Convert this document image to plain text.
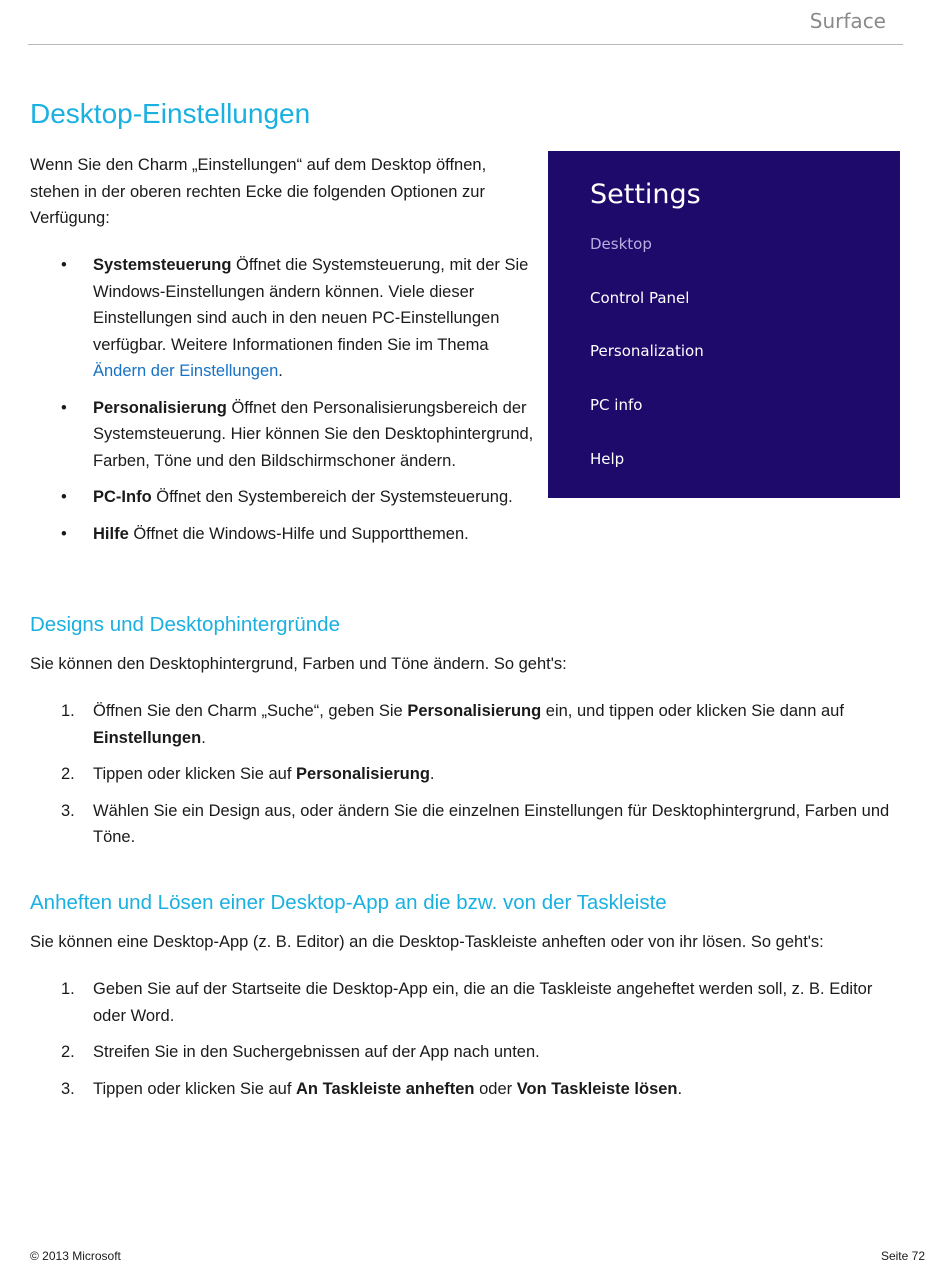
Surface
Desktop-Einstellungen

Wenn Sie den Charm „Einstellungen“ auf dem Desktop öffnen, stehen in der oberen rechten Ecke die folgenden Optionen zur Verfügung:

• Systemsteuerung Öffnet die Systemsteuerung, mit der Sie Windows-Einstellungen ändern können. Viele dieser Einstellungen sind auch in den neuen PC-Einstellungen verfügbar. Weitere Informationen finden Sie im Thema Ändern der Einstellungen.
• Personalisierung Öffnet den Personalisierungsbereich der Systemsteuerung. Hier können Sie den Desktophintergrund, Farben, Töne und den Bildschirmschoner ändern.
• PC-Info Öffnet den Systembereich der Systemsteuerung.
• Hilfe Öffnet die Windows-Hilfe und Supportthemen.
Settings
Desktop
Control Panel
Personalization
PC info
Help
Designs und Desktophintergründe

Sie können den Desktophintergrund, Farben und Töne ändern. So geht's:

1. Öffnen Sie den Charm „Suche“, geben Sie Personalisierung ein, und tippen oder klicken Sie dann auf Einstellungen.
2. Tippen oder klicken Sie auf Personalisierung.
3. Wählen Sie ein Design aus, oder ändern Sie die einzelnen Einstellungen für Desktophintergrund, Farben und Töne.
Anheften und Lösen einer Desktop-App an die bzw. von der Taskleiste

Sie können eine Desktop-App (z. B. Editor) an die Desktop-Taskleiste anheften oder von ihr lösen. So geht's:

1. Geben Sie auf der Startseite die Desktop-App ein, die an die Taskleiste angeheftet werden soll, z. B. Editor oder Word.
2. Streifen Sie in den Suchergebnissen auf der App nach unten.
3. Tippen oder klicken Sie auf An Taskleiste anheften oder Von Taskleiste lösen.
© 2013 Microsoft	Seite 72
